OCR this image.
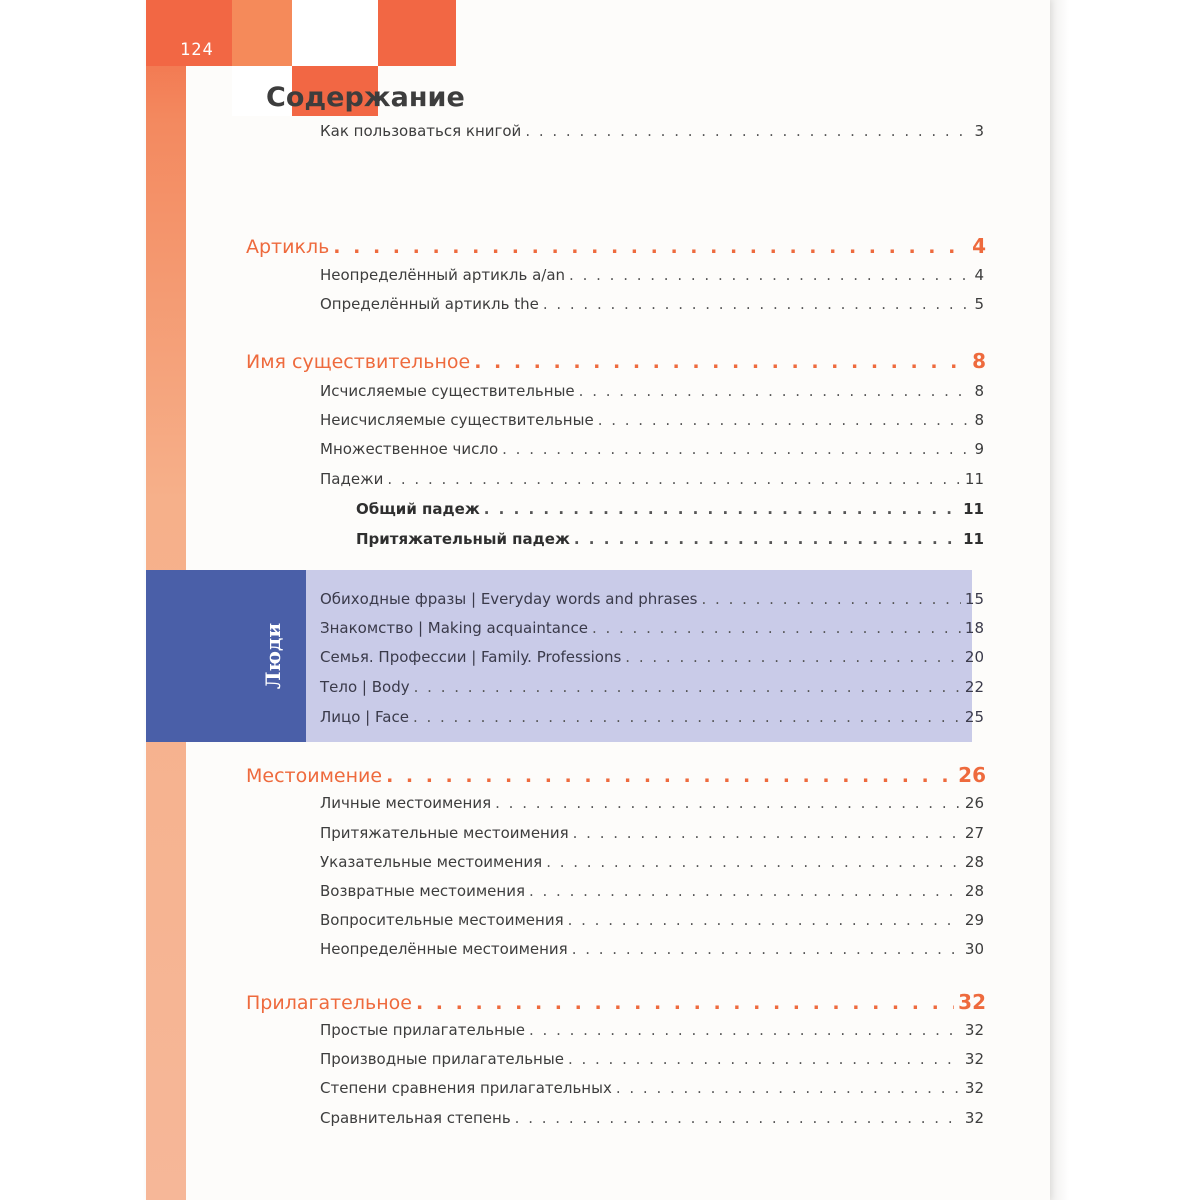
124
Содержание
Как пользоваться книгой . . .	3
Артикль . . .	4
Неопределённый артикль a/an . . .	4
Определённый артикль the . . .	5
Имя существительное . . .	8
Исчисляемые существительные . . .	8
Неисчисляемые существительные . . .	8
Множественное число . . .	9
Падежи . . .	11
Общий падеж . . .	11
Притяжательный падеж . . .	11
Люди
Обиходные фразы | Everyday words and phrases . . .	15
Знакомство | Making acquaintance . . .	18
Семья. Профессии | Family. Professions . . .	20
Тело | Body . . .	22
Лицо | Face . . .	25
Местоимение . . .	26
Личные местоимения . . .	26
Притяжательные местоимения . . .	27
Указательные местоимения . . .	28
Возвратные местоимения . . .	28
Вопросительные местоимения . . .	29
Неопределённые местоимения . . .	30
Прилагательное . . .	32
Простые прилагательные . . .	32
Производные прилагательные . . .	32
Степени сравнения прилагательных . . .	32
Сравнительная степень . . .	32
